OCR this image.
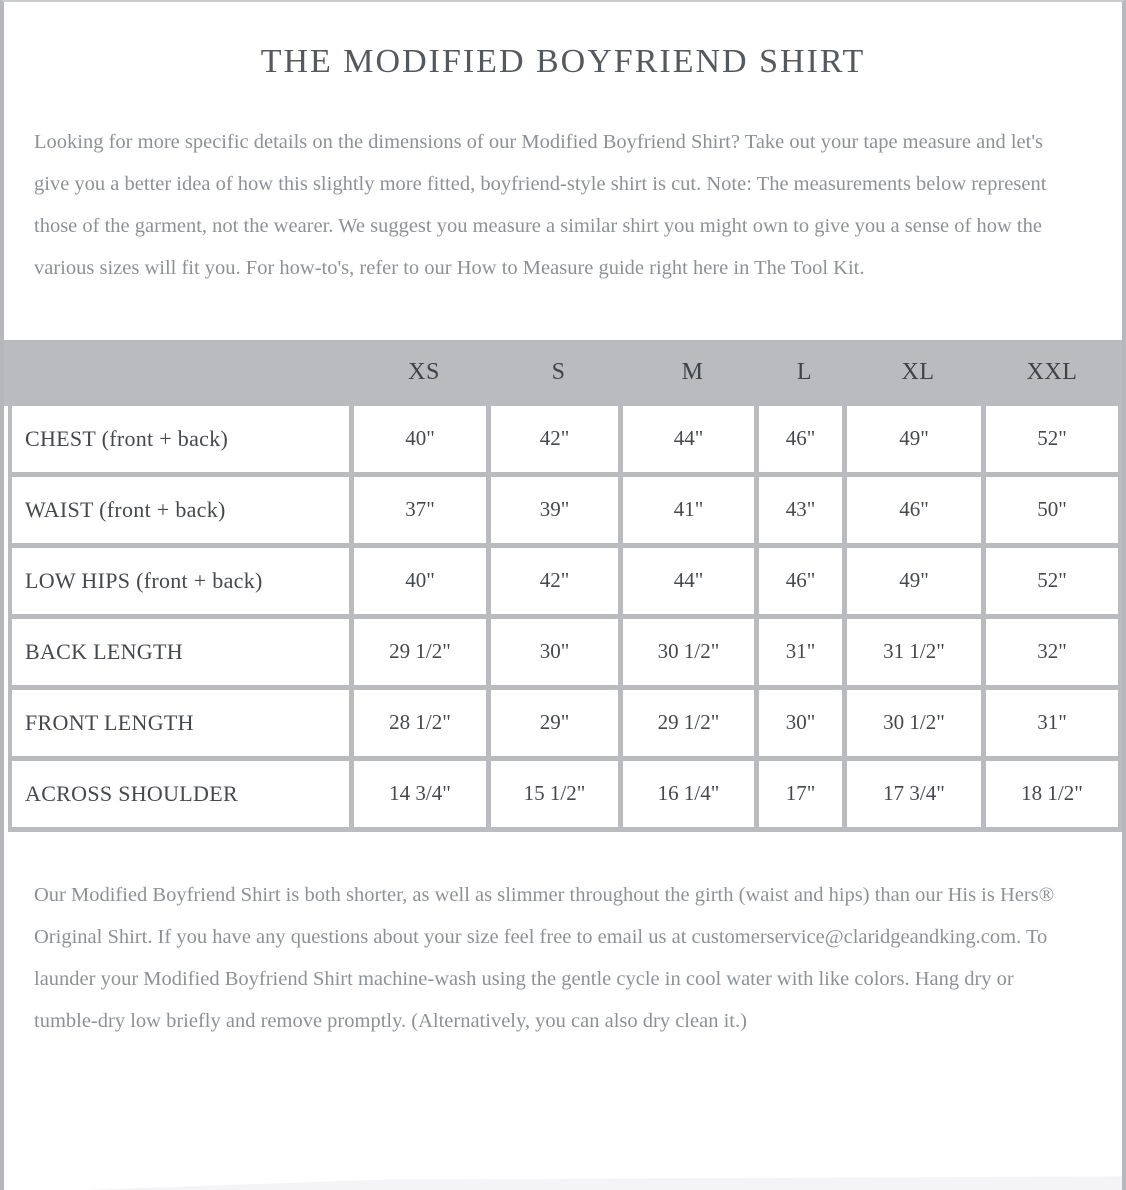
THE MODIFIED BOYFRIEND SHIRT

Looking for more specific details on the dimensions of our Modified Boyfriend Shirt? Take out your tape measure and let's give you a better idea of how this slightly more fitted, boyfriend-style shirt is cut. Note: The measurements below represent those of the garment, not the wearer. We suggest you measure a similar shirt you might own to give you a sense of how the various sizes will fit you. For how-to's, refer to our How to Measure guide right here in The Tool Kit.

XS	S	M	L	XL	XXL
CHEST (front + back)	40"	42"	44"	46"	49"	52"
WAIST (front + back)	37"	39"	41"	43"	46"	50"
LOW HIPS (front + back)	40"	42"	44"	46"	49"	52"
BACK LENGTH	29 1/2"	30"	30 1/2"	31"	31 1/2"	32"
FRONT LENGTH	28 1/2"	29"	29 1/2"	30"	30 1/2"	31"
ACROSS SHOULDER	14 3/4"	15 1/2"	16 1/4"	17"	17 3/4"	18 1/2"

Our Modified Boyfriend Shirt is both shorter, as well as slimmer throughout the girth (waist and hips) than our His is Hers® Original Shirt. If you have any questions about your size feel free to email us at customerservice@claridgeandking.com. To launder your Modified Boyfriend Shirt machine-wash using the gentle cycle in cool water with like colors. Hang dry or tumble-dry low briefly and remove promptly. (Alternatively, you can also dry clean it.)
